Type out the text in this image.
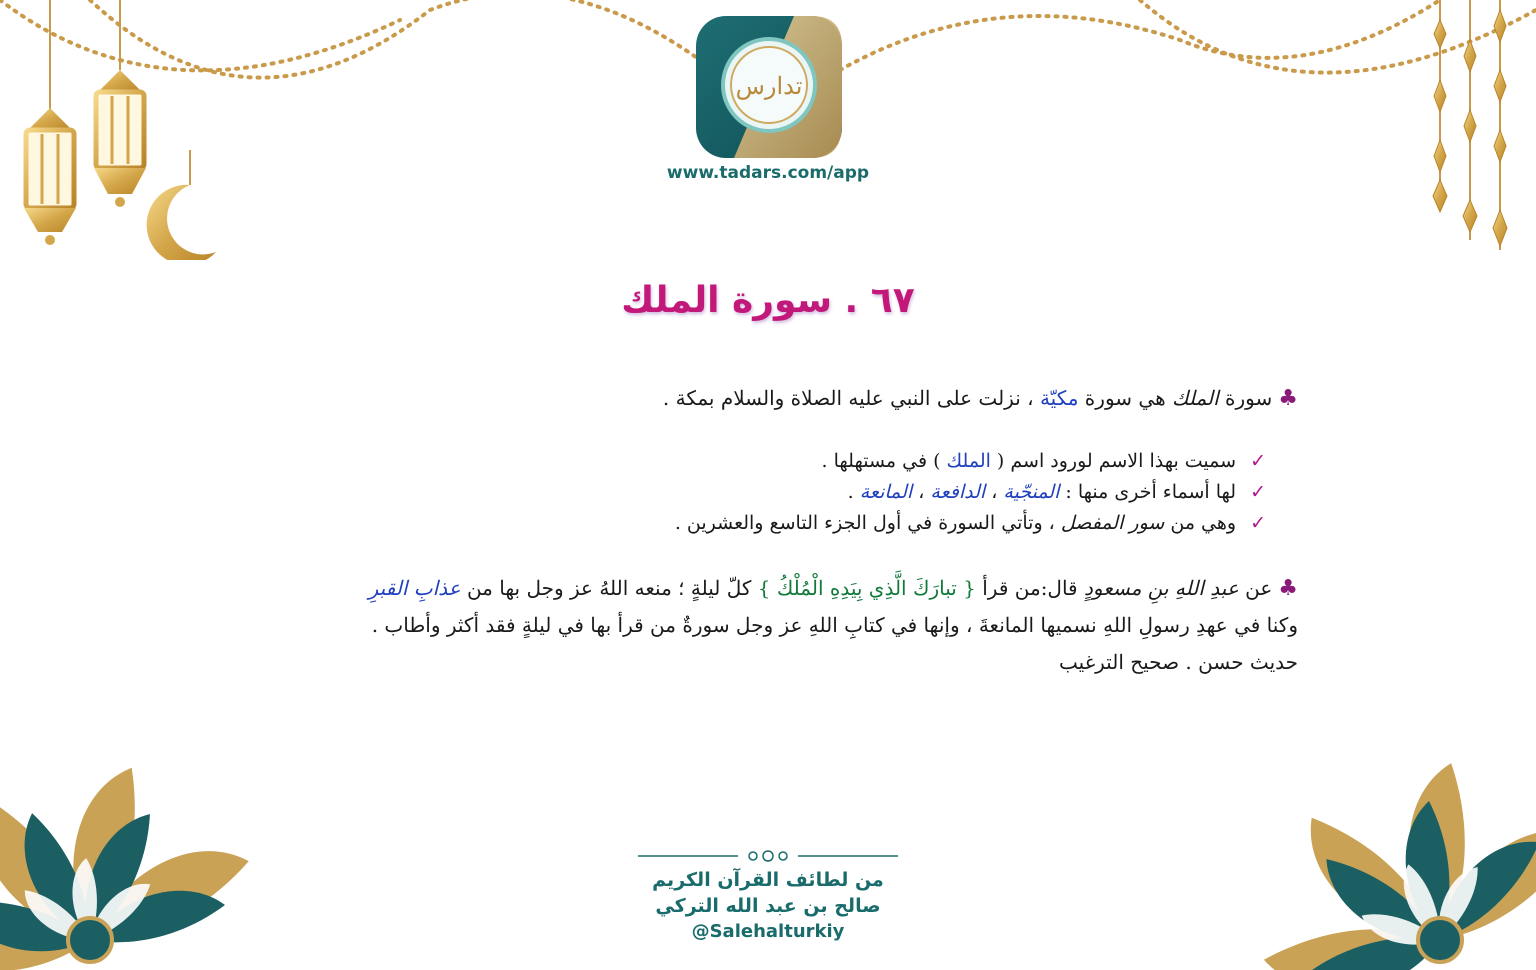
تدارس
www.tadars.com/app
٦٧ . سورة الملك
♣سورة الملك هي سورة مكيّة ، نزلت على النبي عليه الصلاة والسلام بمكة .
✓سميت بهذا الاسم لورود اسم ( الملك ) في مستهلها .
✓لها أسماء أخرى منها : المنجّية ، الدافعة ، المانعة .
✓وهي من سور المفصل ، وتأتي السورة في أول الجزء التاسع والعشرين .
♣عن عبدِ اللهِ بنِ مسعودٍ قال:من قرأ { تبارَكَ الَّذِي بِيَدِهِ الْمُلْكُ } كلّ ليلةٍ ؛ منعه اللهُ عز وجل بها من عذابِ القبرِ
وكنا في عهدِ رسولِ اللهِ نسميها المانعةَ ، وإنها في كتابِ اللهِ عز وجل سورةٌ من قرأ بها في ليلةٍ فقد أكثر وأطاب .
حديث حسن . صحيح الترغيب
من لطائف القرآن الكريم
صالح بن عبد الله التركي
@Salehalturkiy
